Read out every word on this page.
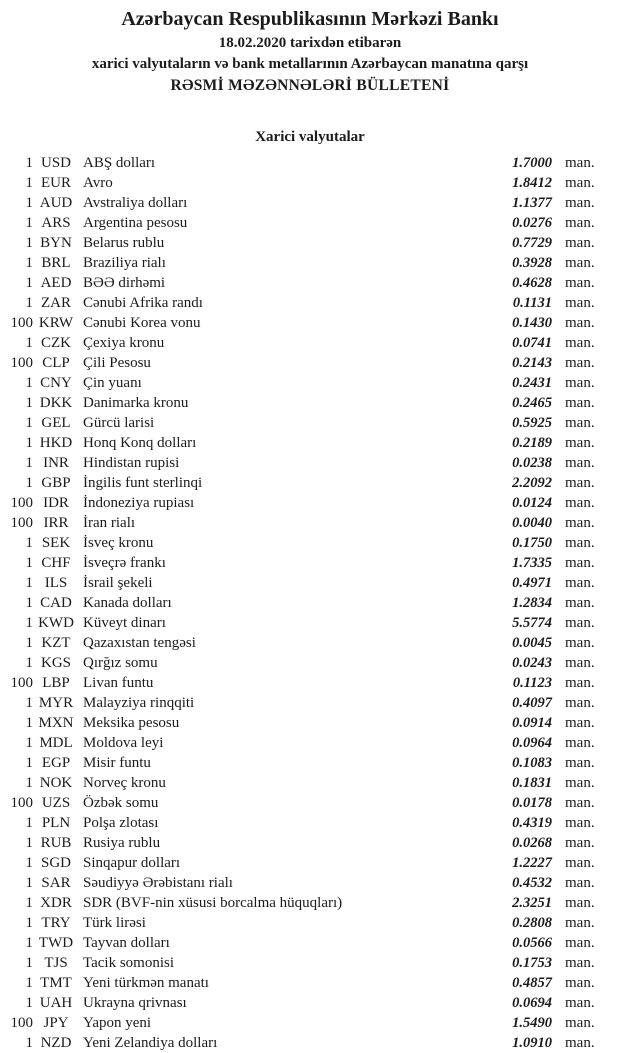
Azərbaycan Respublikasının Mərkəzi Bankı
18.02.2020 tarixdən etibarən
xarici valyutaların və bank metallarının Azərbaycan manatına qarşı
RƏSMİ MƏZƏNNƏLƏRİ BÜLLETENİ
Xarici valyutalar
1 USD ABŞ dolları	1.7000 man.
1 EUR Avro	1.8412 man.
1 AUD Avstraliya dolları	1.1377 man.
1 ARS Argentina pesosu	0.0276 man.
1 BYN Belarus rublu	0.7729 man.
1 BRL Braziliya rialı	0.3928 man.
1 AED BƏƏ dirhəmi	0.4628 man.
1 ZAR Cənubi Afrika randı	0.1131 man.
100 KRW Cənubi Korea vonu	0.1430 man.
1 CZK Çexiya kronu	0.0741 man.
100 CLP Çili Pesosu	0.2143 man.
1 CNY Çin yuanı	0.2431 man.
1 DKK Danimarka kronu	0.2465 man.
1 GEL Gürcü larisi	0.5925 man.
1 HKD Honq Konq dolları	0.2189 man.
1 INR Hindistan rupisi	0.0238 man.
1 GBP İngilis funt sterlinqi	2.2092 man.
100 IDR İndoneziya rupiası	0.0124 man.
100 IRR İran rialı	0.0040 man.
1 SEK İsveç kronu	0.1750 man.
1 CHF İsveçrə frankı	1.7335 man.
1 ILS	İsrail şekeli	0.4971 man.
1 CAD Kanada dolları	1.2834 man.
1 KWD Küveyt dinarı	5.5774 man.
1 KZT Qazaxıstan tengəsi	0.0045 man.
1 KGS Qırğız somu	0.0243 man.
100 LBP Livan funtu	0.1123 man.
1 MYR Malayziya rinqqiti	0.4097 man.
1 MXN Meksika pesosu	0.0914 man.
1 MDL Moldova leyi	0.0964 man.
1 EGP Misir funtu	0.1083 man.
1 NOK Norveç kronu	0.1831 man.
100 UZS Özbək somu	0.0178 man.
1 PLN Polşa zlotası	0.4319 man.
1 RUB Rusiya rublu	0.0268 man.
1 SGD Sinqapur dolları	1.2227 man.
1 SAR Səudiyyə Ərəbistanı rialı	0.4532 man.
1 XDR SDR (BVF-nin xüsusi borcalma hüquqları)	2.3251 man.
1 TRY Türk lirəsi	0.2808 man.
1 TWD Tayvan dolları	0.0566 man.
1 TJS	Tacik somonisi	0.1753 man.
1 TMT Yeni türkmən manatı	0.4857 man.
1 UAH Ukrayna qrivnası	0.0694 man.
100 JPY Yapon yeni	1.5490 man.
1 NZD Yeni Zelandiya dolları	1.0910 man.
